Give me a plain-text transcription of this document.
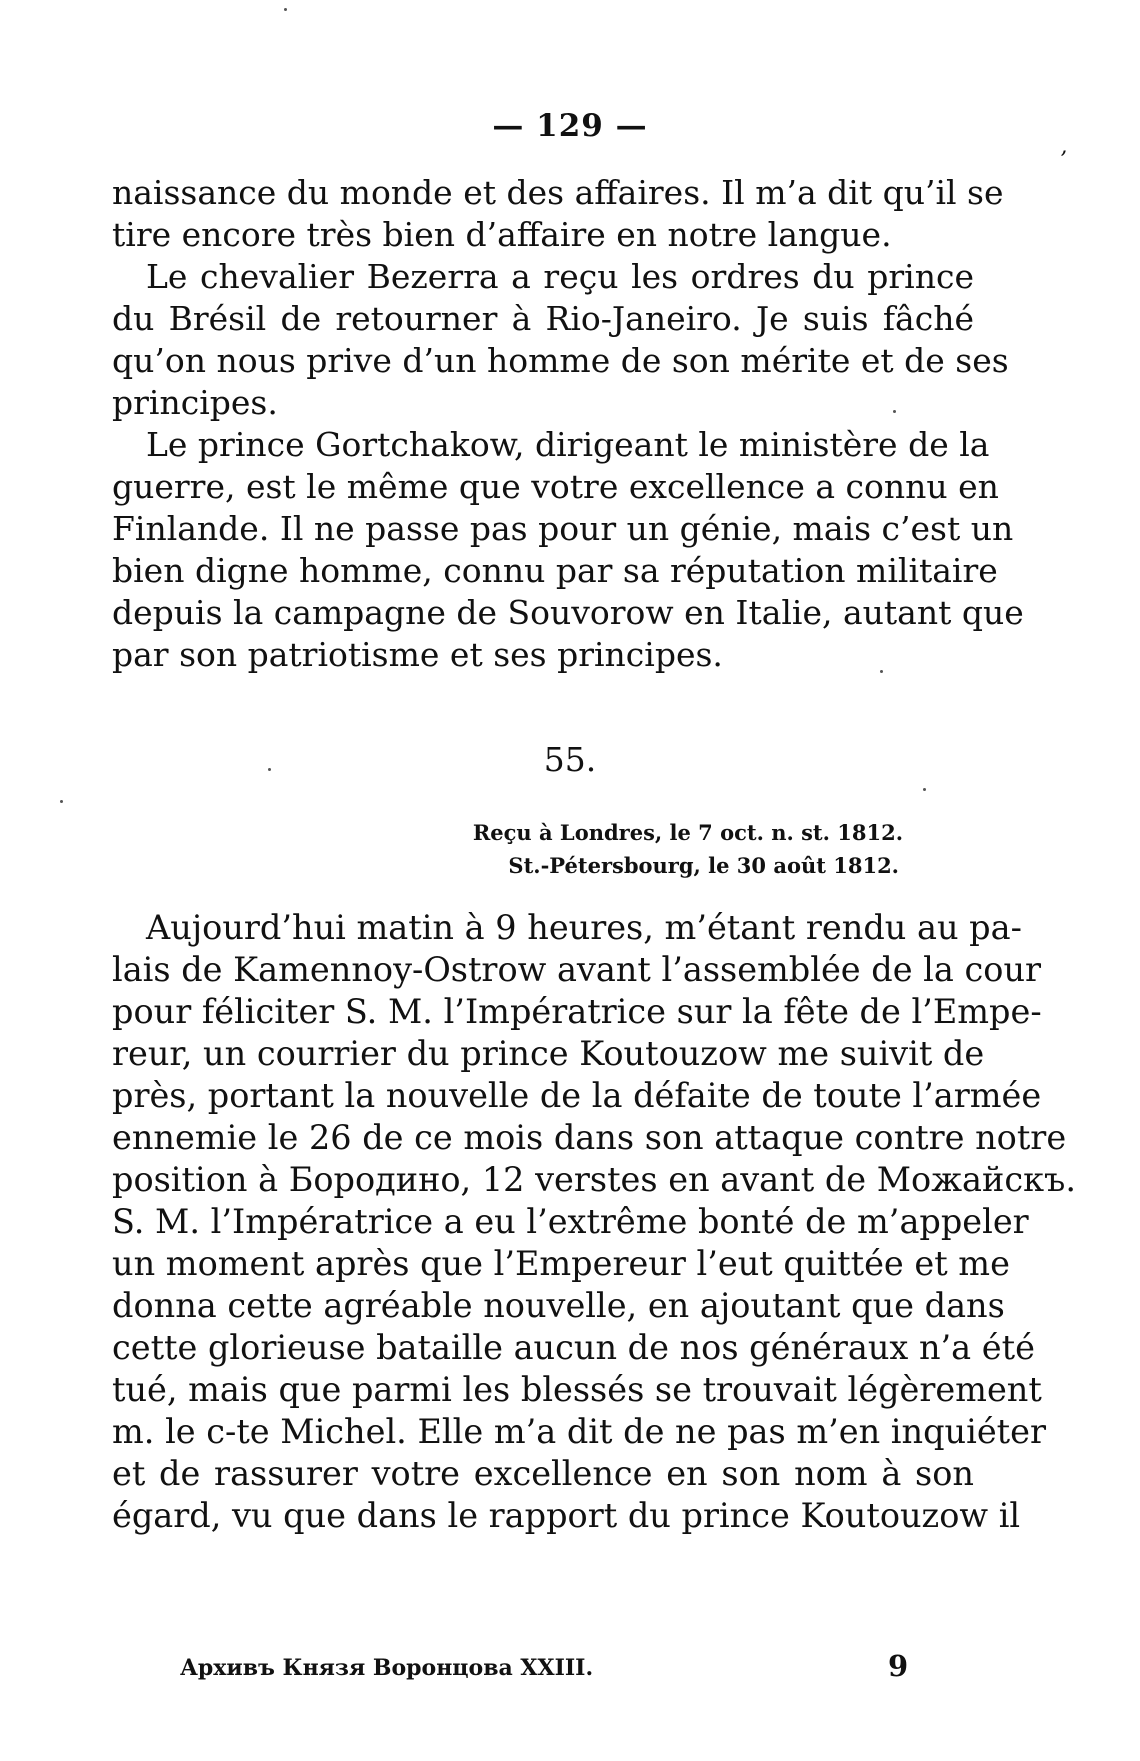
— 129 —
’
naissance du monde et des affaires. Il m’a dit qu’il se
tire encore très bien d’affaire en notre langue.
Le chevalier Bezerra a reçu les ordres du prince
du Brésil de retourner à Rio-Janeiro. Je suis fâché
qu’on nous prive d’un homme de son mérite et de ses
principes.
Le prince Gortchakow, dirigeant le ministère de la
guerre, est le même que votre excellence a connu en
Finlande. Il ne passe pas pour un génie, mais c’est un
bien digne homme, connu par sa réputation militaire
depuis la campagne de Souvorow en Italie, autant que
par son patriotisme et ses principes.
55.
Reçu à Londres, le 7 oct. n. st. 1812.
St.-Pétersbourg, le 30 août 1812.
Aujourd’hui matin à 9 heures, m’étant rendu au pa-
lais de Kamennoy-Ostrow avant l’assemblée de la cour
pour féliciter S. M. l’Impératrice sur la fête de l’Empe-
reur, un courrier du prince Koutouzow me suivit de
près, portant la nouvelle de la défaite de toute l’armée
ennemie le 26 de ce mois dans son attaque contre notre
position à Бородино, 12 verstes en avant de Можайскъ.
S. M. l’Impératrice a eu l’extrême bonté de m’appeler
un moment après que l’Empereur l’eut quittée et me
donna cette agréable nouvelle, en ajoutant que dans
cette glorieuse bataille aucun de nos généraux n’a été
tué, mais que parmi les blessés se trouvait légèrement
m. le c-te Michel. Elle m’a dit de ne pas m’en inquiéter
et de rassurer votre excellence en son nom à son
égard, vu que dans le rapport du prince Koutouzow il
Архивъ Князя Воронцова XXIII.	9
